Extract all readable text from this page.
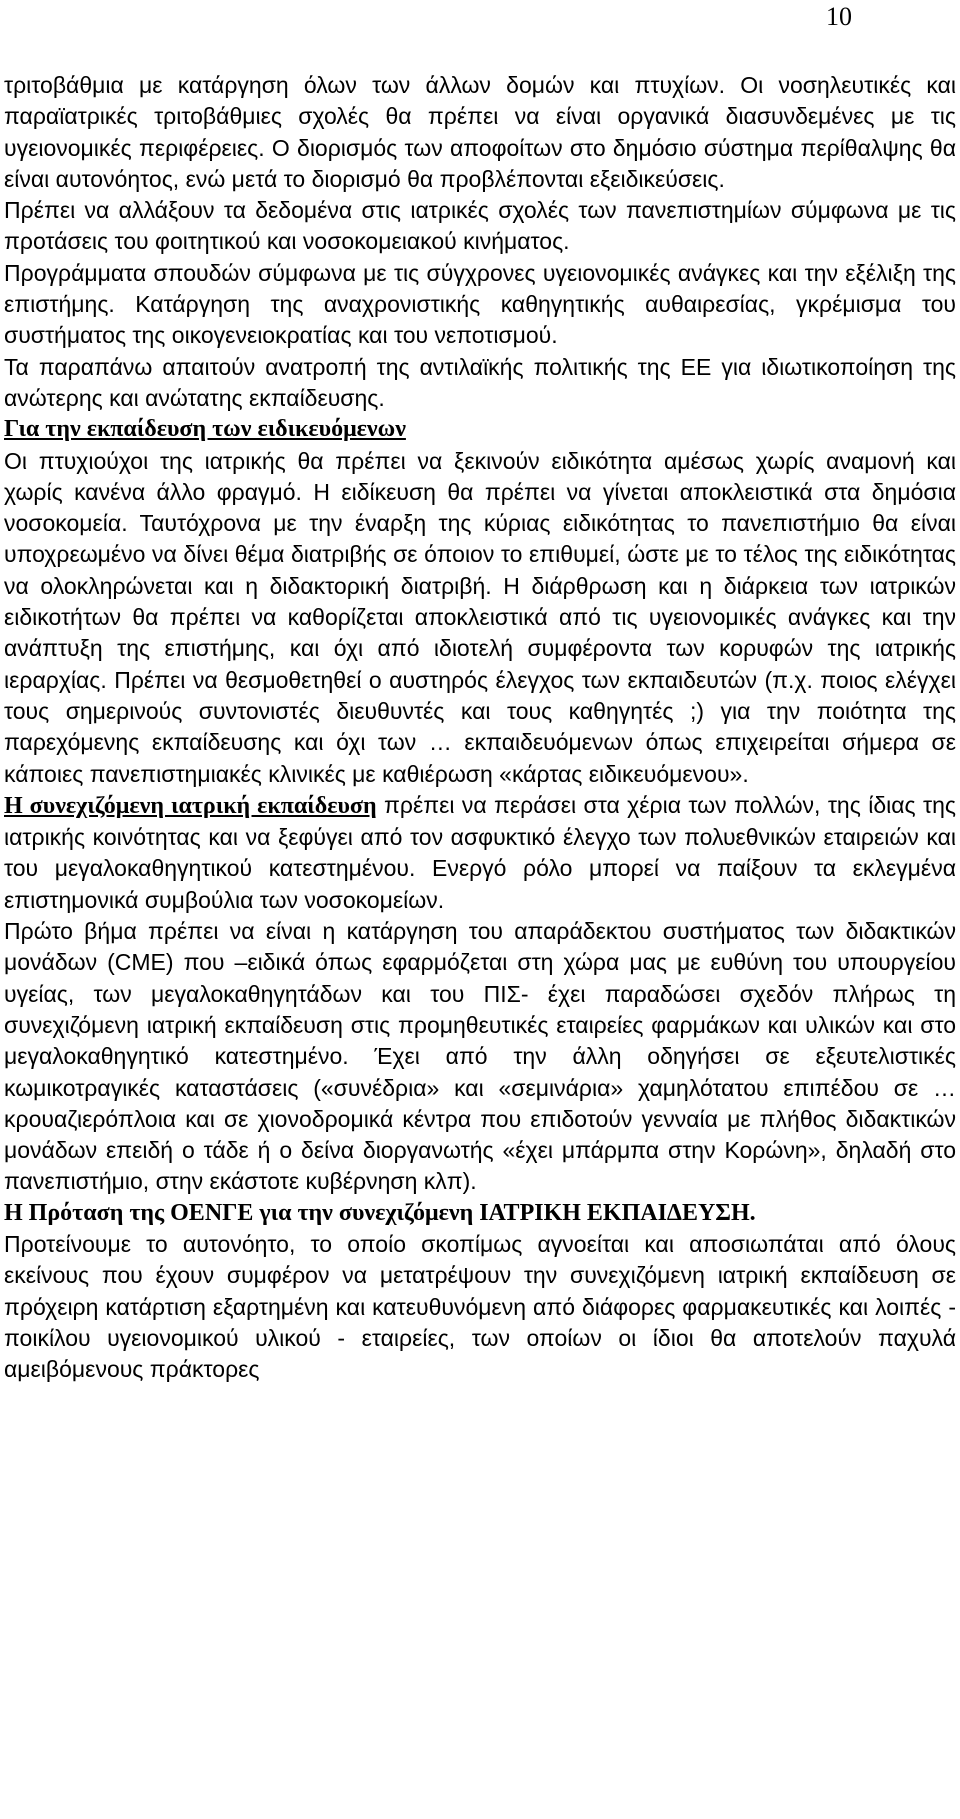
10

τριτοβάθμια με κατάργηση όλων των άλλων δομών και πτυχίων. Οι νοσηλευτικές και παραϊατρικές τριτοβάθμιες σχολές θα πρέπει να είναι οργανικά διασυνδεμένες με τις υγειονομικές περιφέρειες. Ο διορισμός των αποφοίτων στο δημόσιο σύστημα περίθαλψης θα είναι αυτονόητος, ενώ μετά το διορισμό θα προβλέπονται εξειδικεύσεις.

Πρέπει να αλλάξουν τα δεδομένα στις ιατρικές σχολές των πανεπιστημίων σύμφωνα με τις προτάσεις του φοιτητικού και νοσοκομειακού κινήματος.

Προγράμματα σπουδών σύμφωνα με τις σύγχρονες υγειονομικές ανάγκες και την εξέλιξη της επιστήμης. Κατάργηση της αναχρονιστικής καθηγητικής αυθαιρεσίας, γκρέμισμα του συστήματος της οικογενειοκρατίας και του νεποτισμού.

Τα παραπάνω απαιτούν ανατροπή της αντιλαϊκής πολιτικής της ΕΕ για ιδιωτικοποίηση της ανώτερης και ανώτατης εκπαίδευσης.

Για την εκπαίδευση των ειδικευόμενων

Οι πτυχιούχοι της ιατρικής θα πρέπει να ξεκινούν ειδικότητα αμέσως χωρίς αναμονή και χωρίς κανένα άλλο φραγμό. Η ειδίκευση θα πρέπει να γίνεται αποκλειστικά στα δημόσια νοσοκομεία. Ταυτόχρονα με την έναρξη της κύριας ειδικότητας το πανεπιστήμιο θα είναι υποχρεωμένο να δίνει θέμα διατριβής σε όποιον το επιθυμεί, ώστε με το τέλος της ειδικότητας να ολοκληρώνεται και η διδακτορική διατριβή. Η διάρθρωση και η διάρκεια των ιατρικών ειδικοτήτων θα πρέπει να καθορίζεται αποκλειστικά από τις υγειονομικές ανάγκες και την ανάπτυξη της επιστήμης, και όχι από ιδιοτελή συμφέροντα των κορυφών της ιατρικής ιεραρχίας. Πρέπει να θεσμοθετηθεί ο αυστηρός έλεγχος των εκπαιδευτών (π.χ. ποιος ελέγχει τους σημερινούς συντονιστές διευθυντές και τους καθηγητές ;) για την ποιότητα της παρεχόμενης εκπαίδευσης και όχι των … εκπαιδευόμενων όπως επιχειρείται σήμερα σε κάποιες πανεπιστημιακές κλινικές με καθιέρωση «κάρτας ειδικευόμενου».

Η συνεχιζόμενη ιατρική εκπαίδευση πρέπει να περάσει στα χέρια των πολλών, της ίδιας της ιατρικής κοινότητας και να ξεφύγει από τον ασφυκτικό έλεγχο των πολυεθνικών εταιρειών και του μεγαλοκαθηγητικού κατεστημένου. Ενεργό ρόλο μπορεί να παίξουν τα εκλεγμένα επιστημονικά συμβούλια των νοσοκομείων.

Πρώτο βήμα πρέπει να είναι η κατάργηση του απαράδεκτου συστήματος των διδακτικών μονάδων (CME) που –ειδικά όπως εφαρμόζεται στη χώρα μας με ευθύνη του υπουργείου υγείας, των μεγαλοκαθηγητάδων και του ΠΙΣ- έχει παραδώσει σχεδόν πλήρως τη συνεχιζόμενη ιατρική εκπαίδευση στις προμηθευτικές εταιρείες φαρμάκων και υλικών και στο μεγαλοκαθηγητικό κατεστημένο. Έχει από την άλλη οδηγήσει σε εξευτελιστικές κωμικοτραγικές καταστάσεις («συνέδρια» και «σεμινάρια» χαμηλότατου επιπέδου σε … κρουαζιερόπλοια και σε χιονοδρομικά κέντρα που επιδοτούν γενναία με πλήθος διδακτικών μονάδων επειδή ο τάδε ή ο δείνα διοργανωτής «έχει μπάρμπα στην Κορώνη», δηλαδή στο πανεπιστήμιο, στην εκάστοτε κυβέρνηση κλπ).

Η Πρόταση της ΟΕΝΓΕ για την συνεχιζόμενη ΙΑΤΡΙΚΗ ΕΚΠΑΙΔΕΥΣΗ.

Προτείνουμε το αυτονόητο, το οποίο σκοπίμως αγνοείται και αποσιωπάται από όλους εκείνους που έχουν συμφέρον να μετατρέψουν την συνεχιζόμενη ιατρική εκπαίδευση σε πρόχειρη κατάρτιση εξαρτημένη και κατευθυνόμενη από διάφορες φαρμακευτικές και λοιπές - ποικίλου υγειονομικού υλικού - εταιρείες, των οποίων οι ίδιοι θα αποτελούν παχυλά αμειβόμενους πράκτορες
